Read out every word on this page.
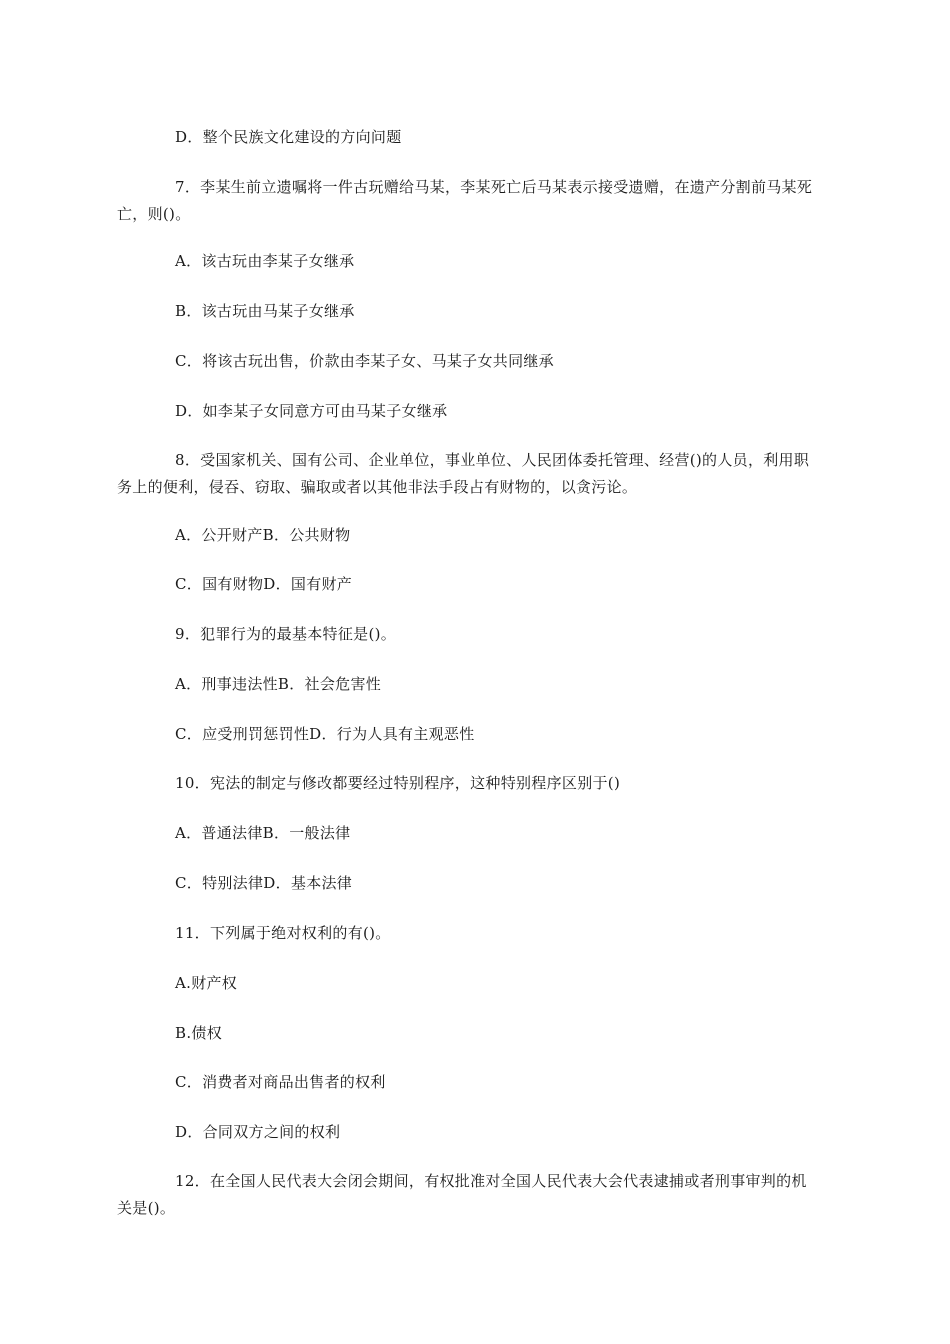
D．整个民族文化建设的方向问题
7．李某生前立遗嘱将一件古玩赠给马某，李某死亡后马某表示接受遗赠，在遗产分割前马某死亡，则()。
A．该古玩由李某子女继承
B．该古玩由马某子女继承
C．将该古玩出售，价款由李某子女、马某子女共同继承
D．如李某子女同意方可由马某子女继承
8．受国家机关、国有公司、企业单位，事业单位、人民团体委托管理、经营()的人员，利用职务上的便利，侵吞、窃取、骗取或者以其他非法手段占有财物的，以贪污论。
A．公开财产B．公共财物
C．国有财物D．国有财产
9．犯罪行为的最基本特征是()。
A．刑事违法性B．社会危害性
C．应受刑罚惩罚性D．行为人具有主观恶性
10．宪法的制定与修改都要经过特别程序，这种特别程序区别于()
A．普通法律B．一般法律
C．特别法律D．基本法律
11．下列属于绝对权利的有()。
A.财产权
B.债权
C．消费者对商品出售者的权利
D．合同双方之间的权利
12．在全国人民代表大会闭会期间，有权批准对全国人民代表大会代表逮捕或者刑事审判的机关是()。
